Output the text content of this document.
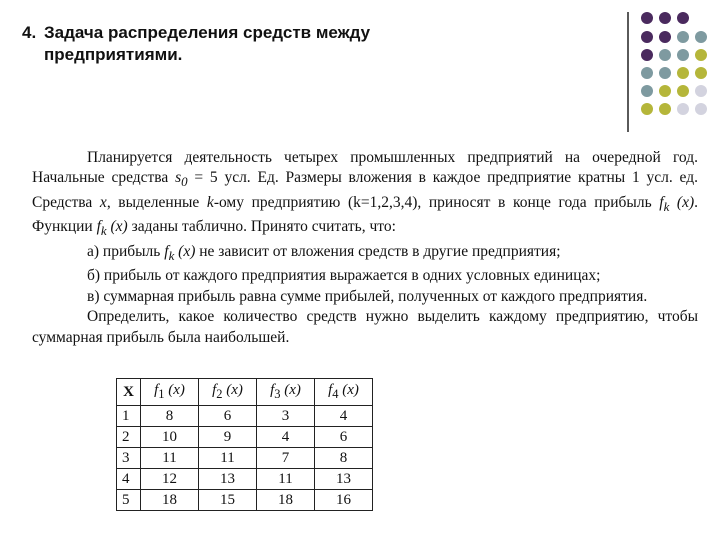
4. Задача распределения средств между
предприятиями.

Планируется деятельность четырех промышленных предприятий на очередной год. Начальные средства $s_0 = 5$ усл. Ед. Размеры вложения в каждое предприятие кратны 1 усл. ед. Средства x, выделенные k-ому предприятию (k=1,2,3,4), приносят в конце года прибыль $f_k$ (x). Функции $f_k$ (x) заданы таблично. Принято считать, что:

а) прибыль $f_k$ (x) не зависит от вложения средств в другие предприятия;

б) прибыль от каждого предприятия выражается в одних условных единицах;

в) суммарная прибыль равна сумме прибылей, полученных от каждого предприятия.

Определить, какое количество средств нужно выделить каждому предприятию, чтобы суммарная прибыль была наибольшей.

X	$f_1$ (x)	$f_2$ (x)	$f_3$ (x)	$f_4$ (x)
1	8	6	3	4
2	10	9	4	6
3	11	11	7	8
4	12	13	11	13
5	18	15	18	16
